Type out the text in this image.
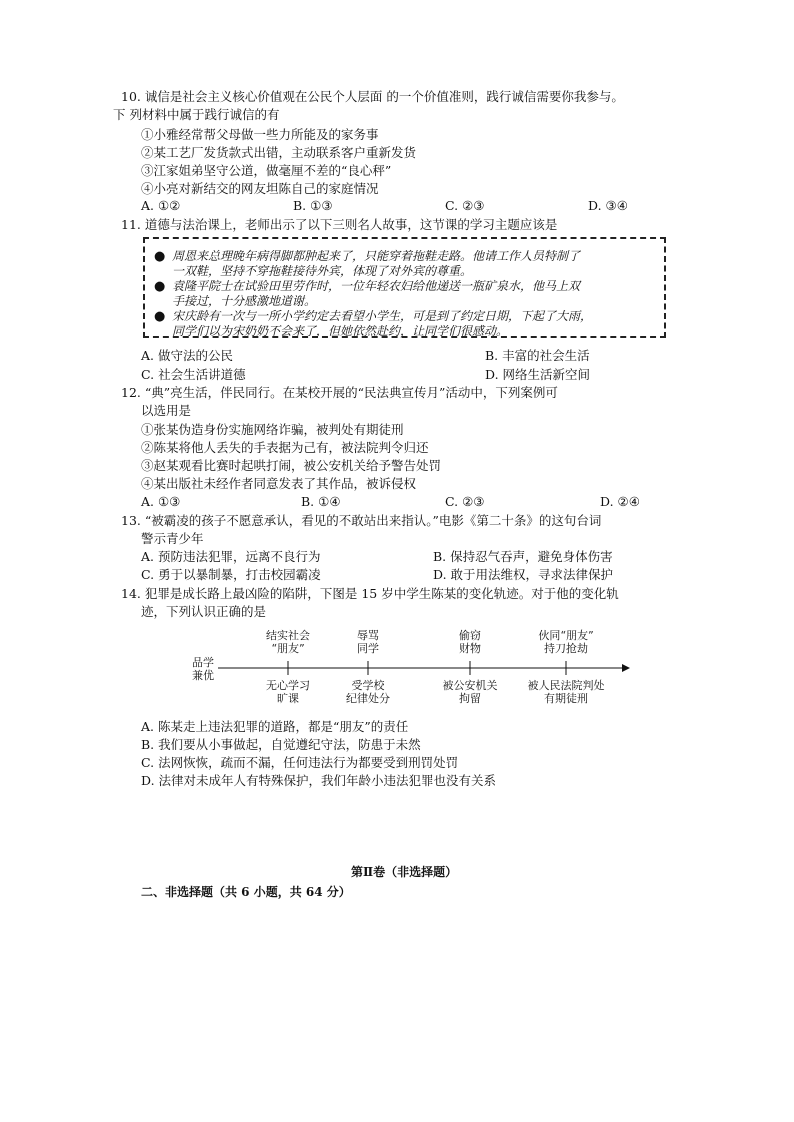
10. 诚信是社会主义核心价值观在公民个人层面 的一个价值准则，践行诚信需要你我参与。
下 列材料中属于践行诚信的有
①小雅经常帮父母做一些力所能及的家务事
②某工艺厂发货款式出错，主动联系客户重新发货
③江家姐弟坚守公道，做毫厘不差的“良心秤”
④小亮对新结交的网友坦陈自己的家庭情况
A. ①②	B. ①③	C. ②③	D. ③④
11. 道德与法治课上，老师出示了以下三则名人故事，这节课的学习主题应该是
● 周恩来总理晚年病得脚都肿起来了，只能穿着拖鞋走路。他请工作人员特制了
一双鞋，坚持不穿拖鞋接待外宾，体现了对外宾的尊重。
● 袁隆平院士在试验田里劳作时，一位年轻农妇给他递送一瓶矿泉水，他马上双
手接过，十分感激地道谢。
● 宋庆龄有一次与一所小学约定去看望小学生，可是到了约定日期，下起了大雨，
同学们以为宋奶奶不会来了，但她依然赴约，让同学们很感动。
A. 做守法的公民	B. 丰富的社会生活
C. 社会生活讲道德	D. 网络生活新空间
12. “典”亮生活，伴民同行。在某校开展的“民法典宣传月”活动中，下列案例可
以选用是
①张某伪造身份实施网络诈骗，被判处有期徒刑
②陈某将他人丢失的手表据为己有，被法院判令归还
③赵某观看比赛时起哄打闹，被公安机关给予警告处罚
④某出版社未经作者同意发表了其作品，被诉侵权
A. ①③	B. ①④	C. ②③	D. ②④
13. “被霸凌的孩子不愿意承认，看见的不敢站出来指认。”电影《第二十条》的这句台词
警示青少年
A. 预防违法犯罪，远离不良行为	B. 保持忍气吞声，避免身体伤害
C. 勇于以暴制暴，打击校园霸凌	D. 敢于用法维权，寻求法律保护
14. 犯罪是成长路上最凶险的陷阱，下图是 15 岁中学生陈某的变化轨迹。对于他的变化轨
迹，下列认识正确的是
品学
兼优
结实社会
“朋友”
辱骂
同学
偷窃
财物
伙同“朋友”
持刀抢劫
无心学习
旷课
受学校
纪律处分
被公安机关
拘留
被人民法院判处
有期徒刑
A. 陈某走上违法犯罪的道路，都是“朋友”的责任
B. 我们要从小事做起，自觉遵纪守法，防患于未然
C. 法网恢恢，疏而不漏，任何违法行为都要受到刑罚处罚
D. 法律对未成年人有特殊保护，我们年龄小违法犯罪也没有关系
第Ⅱ卷（非选择题）
二、非选择题（共 6 小题，共 64 分）
